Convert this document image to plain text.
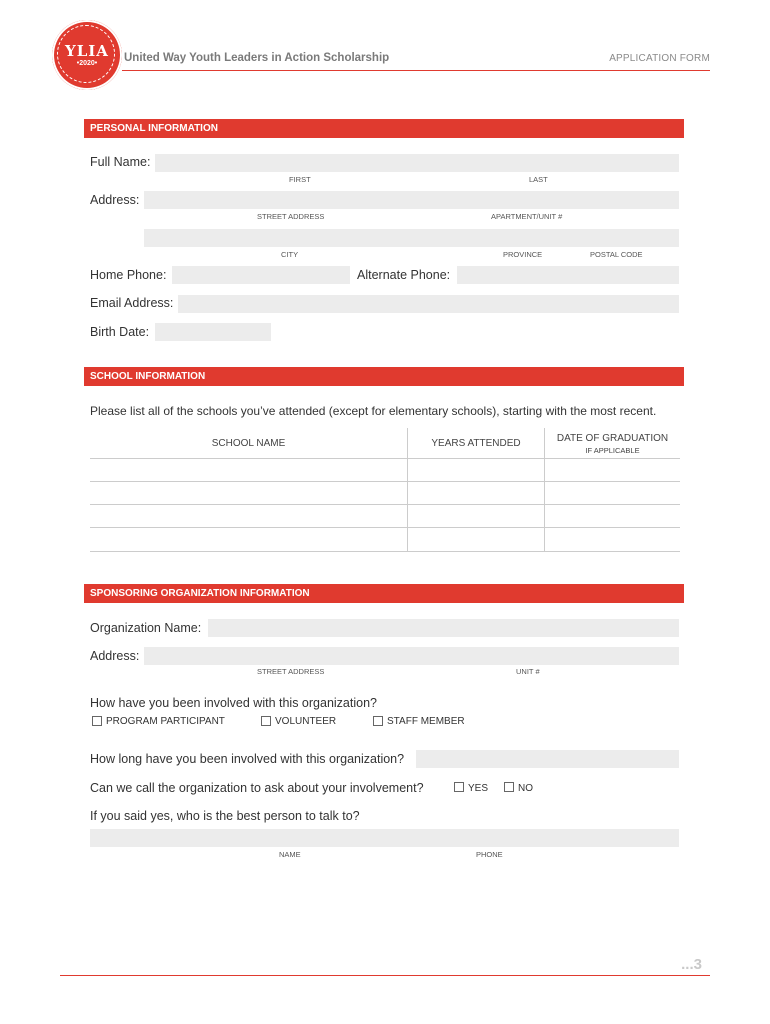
YLIA
•2020•	United Way Youth Leaders in Action Scholarship	APPLICATION FORM
PERSONAL INFORMATION
Full Name:
FIRST	LAST
Address:
STREET ADDRESS	APARTMENT/UNIT #
CITY	PROVINCE	POSTAL CODE
Home Phone:	Alternate Phone:
Email Address:
Birth Date:
SCHOOL INFORMATION
Please list all of the schools you’ve attended (except for elementary schools), starting with the most recent.
SCHOOL NAME	YEARS ATTENDED	DATE OF GRADUATION
IF APPLICABLE
SPONSORING ORGANIZATION INFORMATION
Organization Name:
Address:
STREET ADDRESS	UNIT #
How have you been involved with this organization?
PROGRAM PARTICIPANT	VOLUNTEER	STAFF MEMBER
How long have you been involved with this organization?
Can we call the organization to ask about your involvement?	YES	NO
If you said yes, who is the best person to talk to?
NAME	PHONE
...3
